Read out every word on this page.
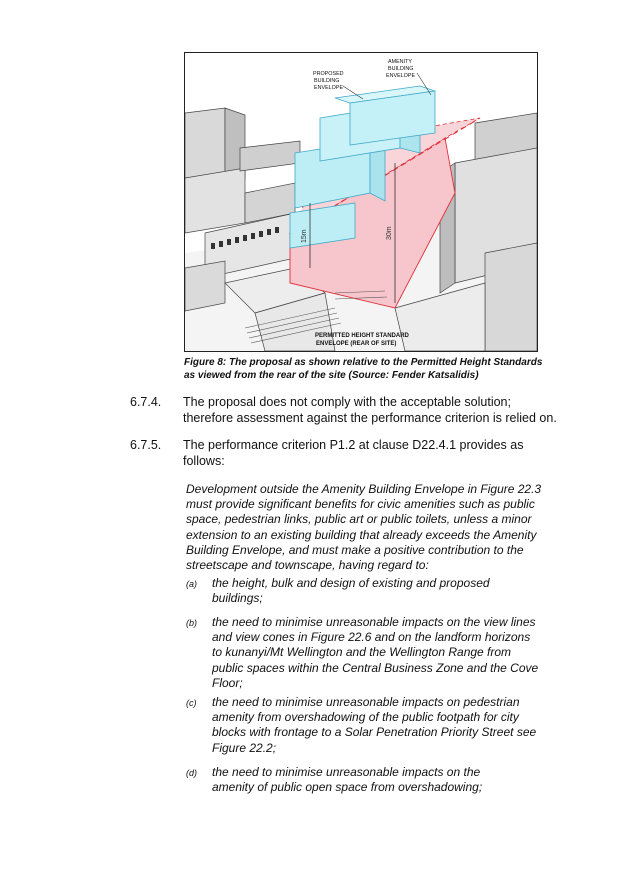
15m	30m
PROPOSED
BUILDING
ENVELOPE
AMENITY
BUILDING
ENVELOPE
PERMITTED HEIGHT STANDARD
ENVELOPE (REAR OF SITE)
Figure 8: The proposal as shown relative to the Permitted Height Standards
as viewed from the rear of the site (Source: Fender Katsalidis)
6.7.4. The proposal does not comply with the acceptable solution;
therefore assessment against the performance criterion is relied on.
6.7.5. The performance criterion P1.2 at clause D22.4.1 provides as
follows:
Development outside the Amenity Building Envelope in Figure 22.3
must provide significant benefits for civic amenities such as public
space, pedestrian links, public art or public toilets, unless a minor
extension to an existing building that already exceeds the Amenity
Building Envelope, and must make a positive contribution to the
streetscape and townscape, having regard to:
(a) the height, bulk and design of existing and proposed
buildings;
(b) the need to minimise unreasonable impacts on the view lines
and view cones in Figure 22.6 and on the landform horizons
to kunanyi/Mt Wellington and the Wellington Range from
public spaces within the Central Business Zone and the Cove
Floor;
(c) the need to minimise unreasonable impacts on pedestrian
amenity from overshadowing of the public footpath for city
blocks with frontage to a Solar Penetration Priority Street see
Figure 22.2;
(d) the need to minimise unreasonable impacts on the
amenity of public open space from overshadowing;
